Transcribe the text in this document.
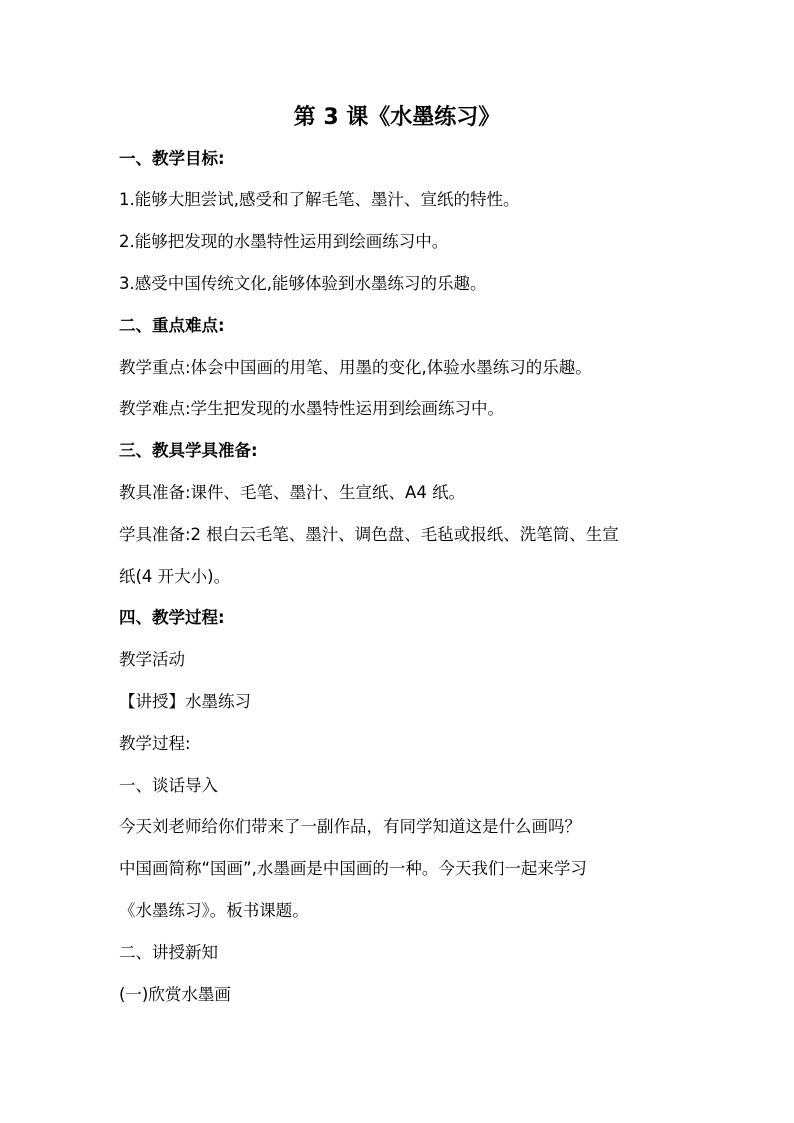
第 3 课《水墨练习》
一、教学目标:
1.能够大胆尝试,感受和了解毛笔、墨汁、宣纸的特性。
2.能够把发现的水墨特性运用到绘画练习中。
3.感受中国传统文化,能够体验到水墨练习的乐趣。
二、重点难点:
教学重点:体会中国画的用笔、用墨的变化,体验水墨练习的乐趣。
教学难点:学生把发现的水墨特性运用到绘画练习中。
三、教具学具准备:
教具准备:课件、毛笔、墨汁、生宣纸、A4 纸。
学具准备:2 根白云毛笔、墨汁、调色盘、毛毡或报纸、洗笔筒、生宣
纸(4 开大小)。
四、教学过程:
教学活动
【讲授】水墨练习
教学过程:
一、谈话导入
今天刘老师给你们带来了一副作品，有同学知道这是什么画吗？
中国画简称“国画”,水墨画是中国画的一种。今天我们一起来学习
《水墨练习》。板书课题。
二、讲授新知
(一)欣赏水墨画
